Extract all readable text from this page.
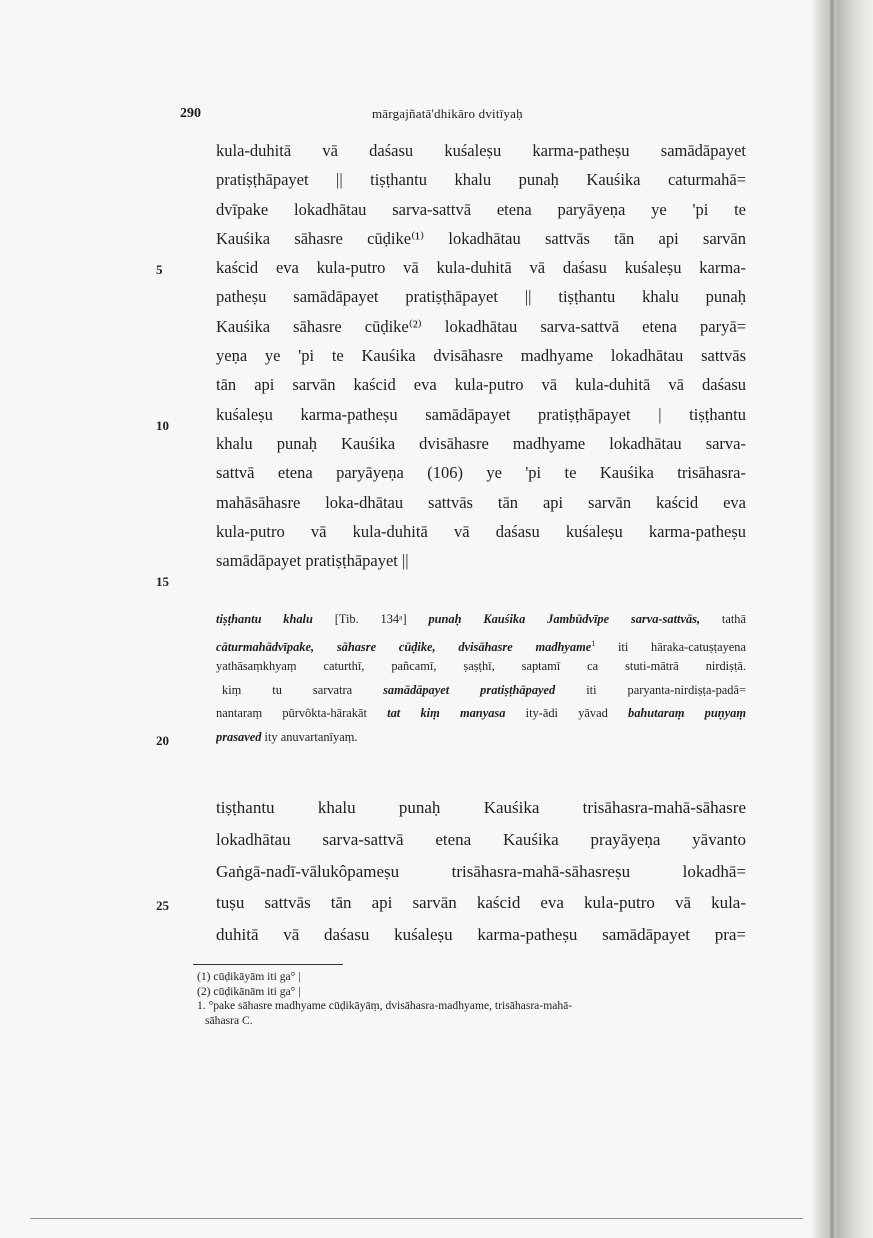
290	mārgajñatā'dhikāro dvitīyaḥ
kula-duhitā vā daśasu kuśaleṣu karma-patheṣu samādāpayet
pratiṣṭhāpayet || tiṣṭhantu khalu punaḥ Kauśika caturmahā=
dvīpake lokadhātau sarva-sattvā etena paryāyeṇa ye 'pi te
Kauśika sāhasre cūḍike⁽¹⁾ lokadhātau sattvās tān api sarvān
kaścid eva kula-putro vā kula-duhitā vā daśasu kuśaleṣu karma-
patheṣu samādāpayet pratiṣṭhāpayet || tiṣṭhantu khalu punaḥ
Kauśika sāhasre cūḍike⁽²⁾ lokadhātau sarva-sattvā etena paryā=
yeṇa ye 'pi te Kauśika dvisāhasre madhyame lokadhātau sattvās
tān api sarvān kaścid eva kula-putro vā kula-duhitā vā daśasu
kuśaleṣu karma-patheṣu samādāpayet pratiṣṭhāpayet | tiṣṭhantu
khalu punaḥ Kauśika dvisāhasre madhyame lokadhātau sarva-
sattvā etena paryāyeṇa (106) ye 'pi te Kauśika trisāhasra-
mahāsāhasre loka-dhātau sattvās tān api sarvān kaścid eva
kula-putro vā kula-duhitā vā daśasu kuśaleṣu karma-patheṣu
samādāpayet pratiṣṭhāpayet ||
5
10
15
tiṣṭhantu khalu [Tib. 134ᵃ] punaḥ Kauśika Jambūdvīpe sarva-sattvās, tathā
cāturmahādvīpake, sāhasre cūḍike, dvisāhasre madhyame$^1$ iti hāraka-catuṣṭayena
yathāsaṃkhyaṃ caturthī, pañcamī, ṣaṣṭhī, saptamī ca stuti-mātrā nirdiṣṭā.
kiṃ tu sarvatra samādāpayet pratiṣṭhāpayed iti paryanta-nirdiṣṭa-padâ=
nantaraṃ pūrvôkta-hārakāt tat kiṃ manyasa ity-ādi yāvad bahutaraṃ puṇyaṃ
prasaved ity anuvartanīyaṃ.
20
tiṣṭhantu khalu punaḥ Kauśika trisāhasra-mahā-sāhasre
lokadhātau sarva-sattvā etena Kauśika prayāyeṇa yāvanto
Gaṅgā-nadī-vālukôpameṣu trisāhasra-mahā-sāhasreṣu lokadhā=
tuṣu sattvās tān api sarvān kaścid eva kula-putro vā kula-
duhitā vā daśasu kuśaleṣu karma-patheṣu samādāpayet pra=
25
(1) cūḍikāyām iti ga° |
(2) cūḍikānām iti ga° |
1. °pake sāhasre madhyame cūḍikāyāṃ, dvisāhasra-madhyame, trisāhasra-mahā-
sāhasra C.
